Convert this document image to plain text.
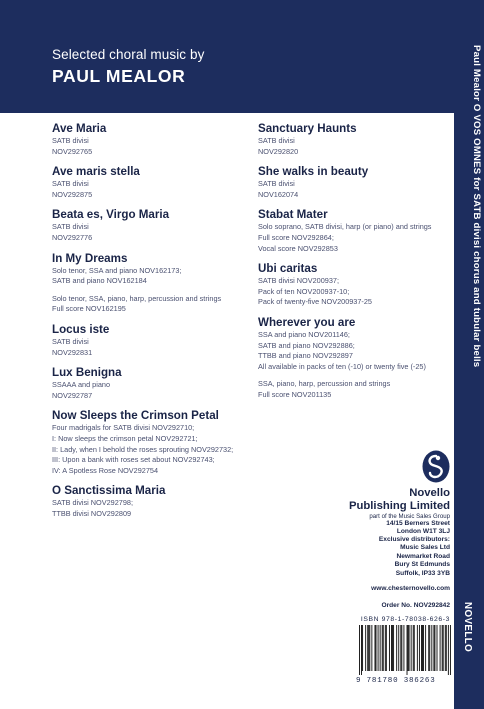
Selected choral music by
PAUL MEALOR	Paul Mealor O VOS OMNES for SATB divisi chorus and tubular bells
NOVELLO
Ave Maria
SATB divisi
NOV292765
Ave maris stella
SATB divisi
NOV292875
Beata es, Virgo Maria
SATB divisi
NOV292776
In My Dreams
Solo tenor, SSA and piano NOV162173;
SATB and piano NOV162184
Solo tenor, SSA, piano, harp, percussion and strings
Full score NOV162195
Locus iste
SATB divisi
NOV292831
Lux Benigna
SSAAA and piano
NOV292787
Now Sleeps the Crimson Petal
Four madrigals for SATB divisi NOV292710;
I: Now sleeps the crimson petal NOV292721;
II: Lady, when I behold the roses sprouting NOV292732;
III: Upon a bank with roses set about NOV292743;
IV: A Spotless Rose NOV292754
O Sanctissima Maria
SATB divisi NOV292798;
TTBB divisi NOV292809
Sanctuary Haunts
SATB divisi
NOV292820
She walks in beauty
SATB divisi
NOV162074
Stabat Mater
Solo soprano, SATB divisi, harp (or piano) and strings
Full score NOV292864;
Vocal score NOV292853
Ubi caritas
SATB divisi NOV200937;
Pack of ten NOV200937-10;
Pack of twenty-five NOV200937-25
Wherever you are
SSA and piano NOV201146;
SATB and piano NOV292886;
TTBB and piano NOV292897
All available in packs of ten (-10) or twenty five (-25)
SSA, piano, harp, percussion and strings
Full score NOV201135
Novello
Publishing Limited
part of the Music Sales Group
14/15 Berners Street
London W1T 3LJ
Exclusive distributors:
Music Sales Ltd
Newmarket Road
Bury St Edmunds
Suffolk, IP33 3YB
www.chesternovello.com
Order No. NOV292842
ISBN 978-1-78038-626-3
9 781780 386263
